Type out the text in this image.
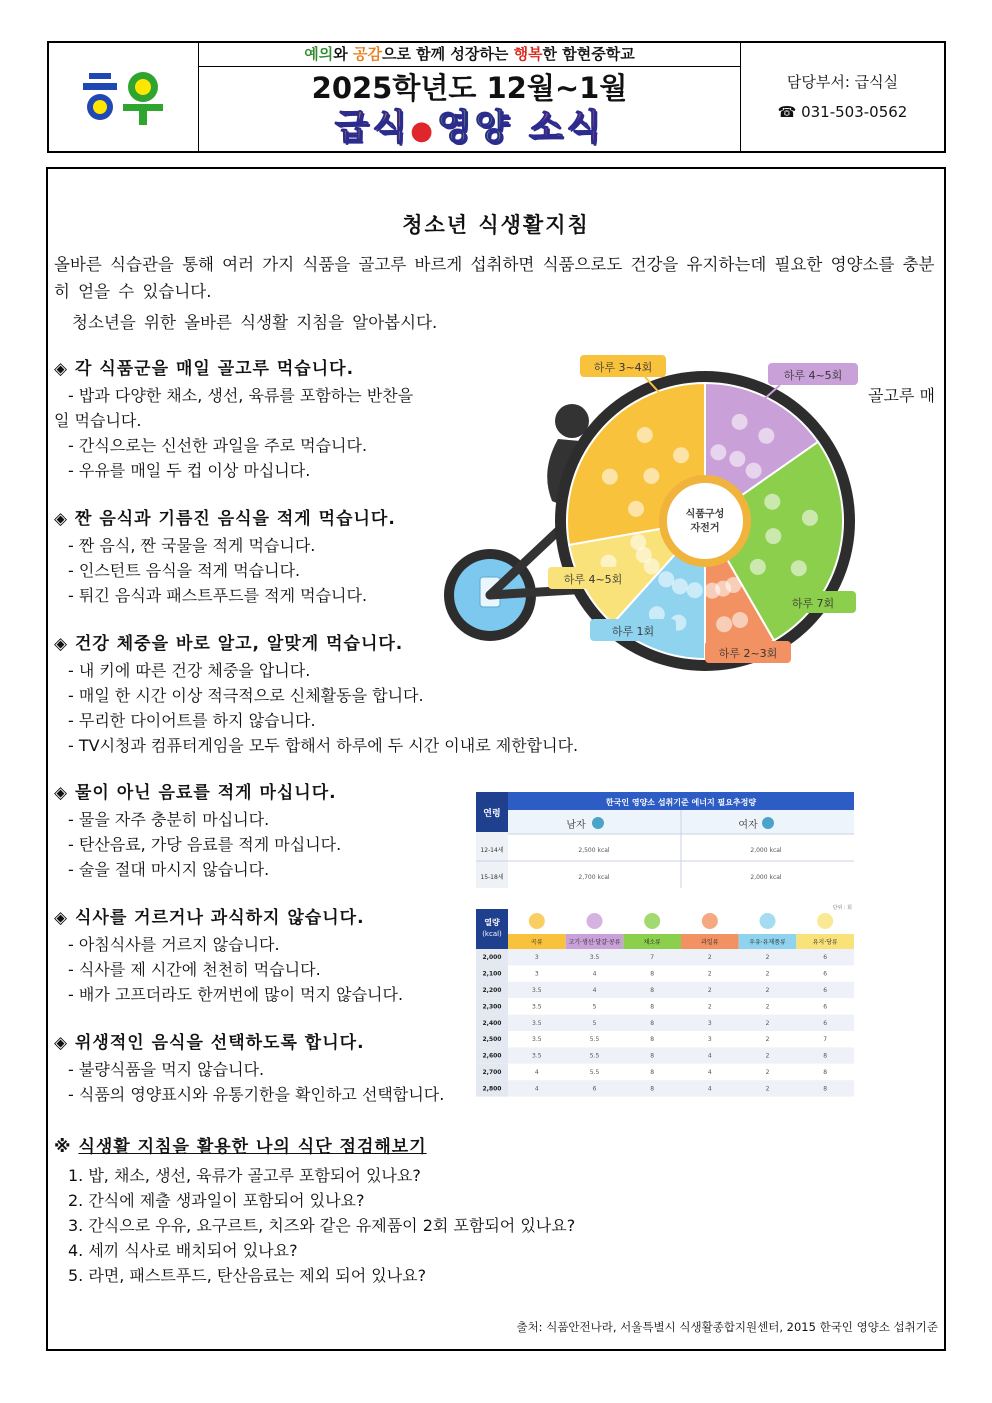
예의와 공감으로 함께 성장하는 행복한 함현중학교
2025학년도 12월~1월
급식●영양 소식
담당부서: 급식실
☎ 031-503-0562
청소년 식생활지침
올바른 식습관을 통해 여러 가지 식품을 골고루 바르게 섭취하면 식품으로도 건강을 유지하는데 필요한 영양소를 충분히 얻을 수 있습니다.
청소년을 위한 올바른 식생활 지침을 알아봅시다.
◈ 각 식품군을 매일 골고루 먹습니다.

- 밥과 다양한 채소, 생선, 육류를 포함하는 반찬을	골고루 매

일 먹습니다.

- 간식으로는 신선한 과일을 주로 먹습니다.

- 우유를 매일 두 컵 이상 마십니다.

◈ 짠 음식과 기름진 음식을 적게 먹습니다.

- 짠 음식, 짠 국물을 적게 먹습니다.

- 인스턴트 음식을 적게 먹습니다.

- 튀긴 음식과 패스트푸드를 적게 먹습니다.

◈ 건강 체중을 바로 알고, 알맞게 먹습니다.

- 내 키에 따른 건강 체중을 압니다.

- 매일 한 시간 이상 적극적으로 신체활동을 합니다.

- 무리한 다이어트를 하지 않습니다.

- TV시청과 컴퓨터게임을 모두 합해서 하루에 두 시간 이내로 제한합니다.

◈ 물이 아닌 음료를 적게 마십니다.

- 물을 자주 충분히 마십니다.

- 탄산음료, 가당 음료를 적게 마십니다.

- 술을 절대 마시지 않습니다.

◈ 식사를 거르거나 과식하지 않습니다.

- 아침식사를 거르지 않습니다.

- 식사를 제 시간에 천천히 먹습니다.

- 배가 고프더라도 한꺼번에 많이 먹지 않습니다.

◈ 위생적인 음식을 선택하도록 합니다.

- 불량식품을 먹지 않습니다.

- 식품의 영양표시와 유통기한을 확인하고 선택합니다.

식품구성
자전거
하루 3~4회
하루 4~5회
하루 4~5회
하루 7회
하루 1회
하루 2~3회
연령
한국인 영양소 섭취기준 에너지 필요추정량
남자	여자
12-14세	2,500 kcal	2,000 kcal
15-18세	2,700 kcal	2,000 kcal
단위 : 회
열량
(kcal)
곡류	고기·생선·달걀·콩류	채소류	과일류	우유·유제품류	유지·당류
2,000	3	3.5	7	2	2	6
2,100	3	4	8	2	2	6
2,200	3.5	4	8	2	2	6
2,300	3.5	5	8	2	2	6
2,400	3.5	5	8	3	2	6
2,500	3.5	5.5	8	3	2	7
2,600	3.5	5.5	8	4	2	8
2,700	4	5.5	8	4	2	8
2,800	4	6	8	4	2	8
※ 식생활 지침을 활용한 나의 식단 점검해보기

1. 밥, 채소, 생선, 육류가 골고루 포함되어 있나요?

2. 간식에 제출 생과일이 포함되어 있나요?

3. 간식으로 우유, 요구르트, 치즈와 같은 유제품이 2회 포함되어 있나요?

4. 세끼 식사로 배치되어 있나요?

5. 라면, 패스트푸드, 탄산음료는 제외 되어 있나요?

출처: 식품안전나라, 서울특별시 식생활종합지원센터, 2015 한국인 영양소 섭취기준
